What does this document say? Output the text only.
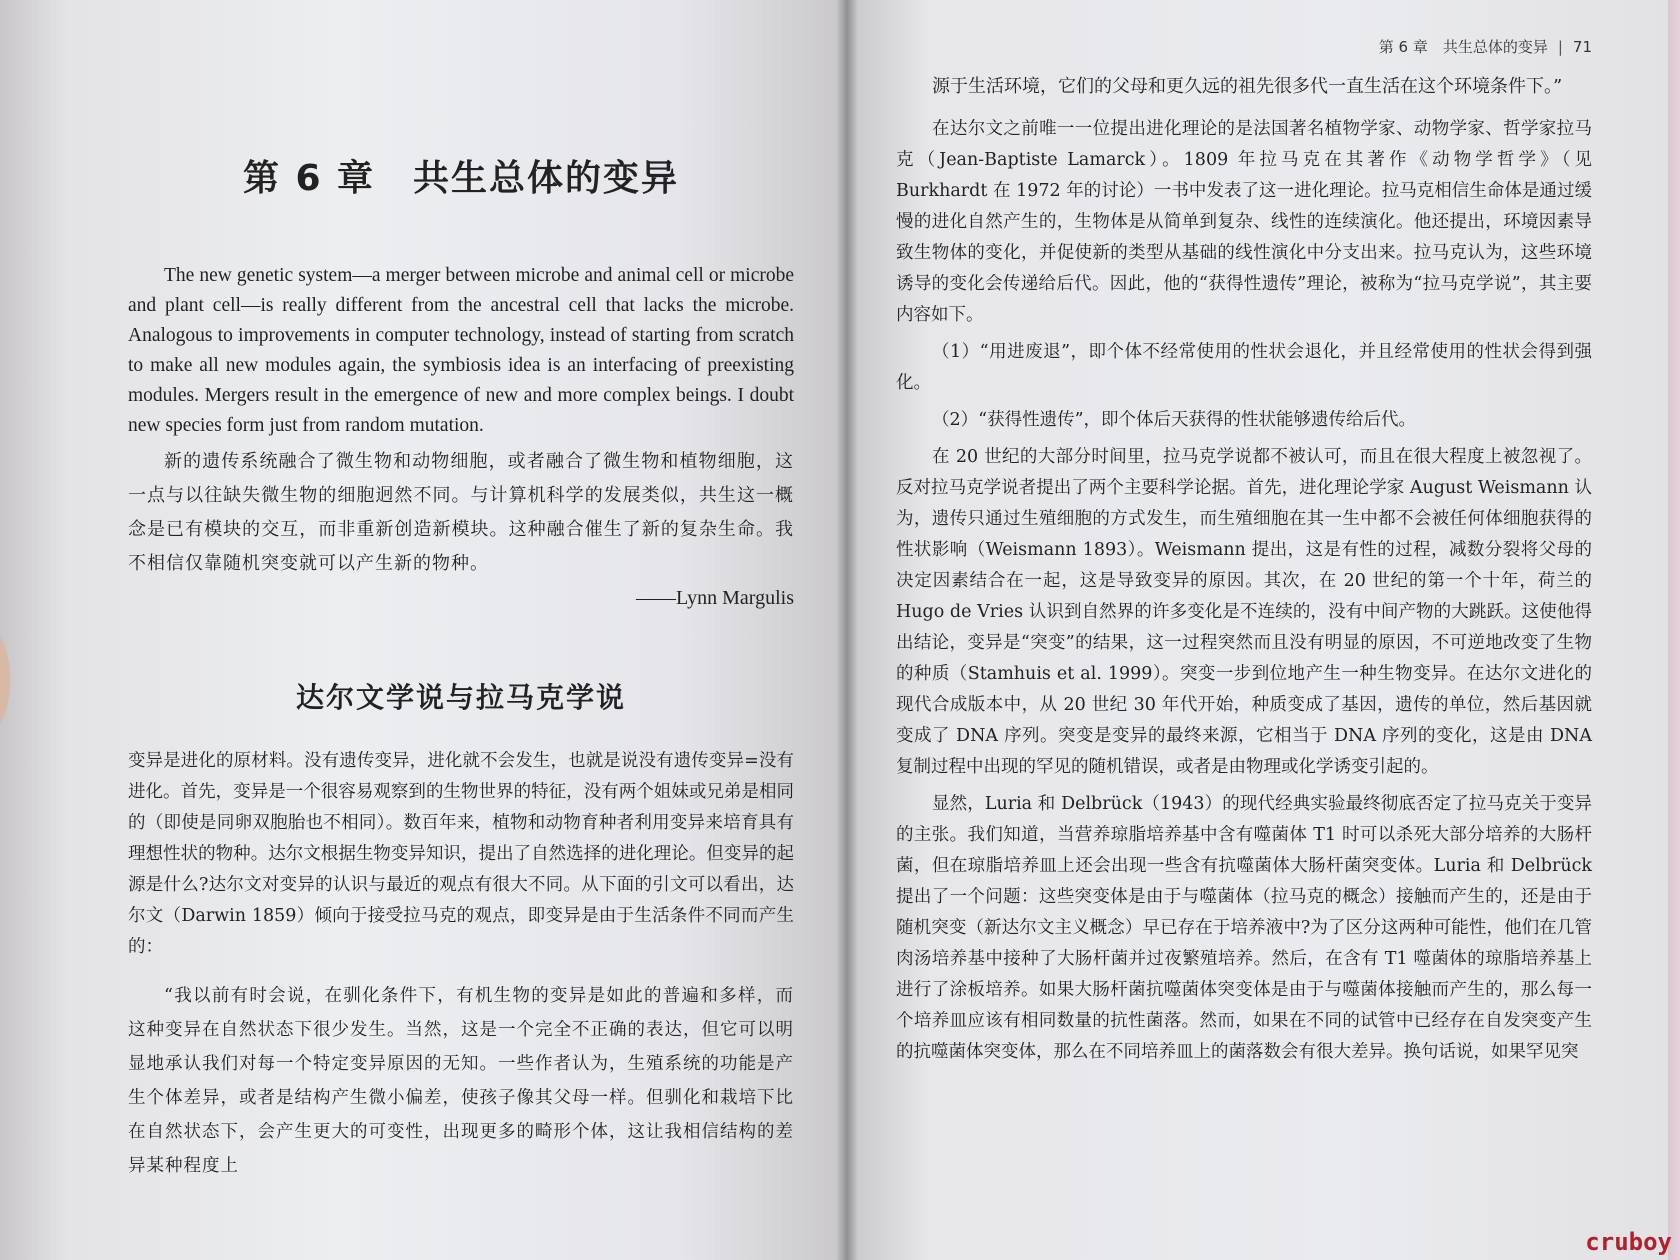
第 6 章　共生总体的变异

The new genetic system—a merger between microbe and animal cell or microbe and plant cell—is really different from the ancestral cell that lacks the microbe. Analogous to improvements in computer technology, instead of starting from scratch to make all new modules again, the symbiosis idea is an interfacing of preexisting modules. Mergers result in the emergence of new and more complex beings. I doubt new species form just from random mutation.

新的遗传系统融合了微生物和动物细胞，或者融合了微生物和植物细胞，这一点与以往缺失微生物的细胞迥然不同。与计算机科学的发展类似，共生这一概念是已有模块的交互，而非重新创造新模块。这种融合催生了新的复杂生命。我不相信仅靠随机突变就可以产生新的物种。

——Lynn Margulis

达尔文学说与拉马克学说

变异是进化的原材料。没有遗传变异，进化就不会发生，也就是说没有遗传变异=没有进化。首先，变异是一个很容易观察到的生物世界的特征，没有两个姐妹或兄弟是相同的（即使是同卵双胞胎也不相同）。数百年来，植物和动物育种者利用变异来培育具有理想性状的物种。达尔文根据生物变异知识，提出了自然选择的进化理论。但变异的起源是什么?达尔文对变异的认识与最近的观点有很大不同。从下面的引文可以看出，达尔文（Darwin 1859）倾向于接受拉马克的观点，即变异是由于生活条件不同而产生的：

“我以前有时会说，在驯化条件下，有机生物的变异是如此的普遍和多样，而这种变异在自然状态下很少发生。当然，这是一个完全不正确的表达，但它可以明显地承认我们对每一个特定变异原因的无知。一些作者认为，生殖系统的功能是产生个体差异，或者是结构产生微小偏差，使孩子像其父母一样。但驯化和栽培下比在自然状态下，会产生更大的可变性，出现更多的畸形个体，这让我相信结构的差异某种程度上

第 6 章　共生总体的变异 | 71

源于生活环境，它们的父母和更久远的祖先很多代一直生活在这个环境条件下。”

在达尔文之前唯一一位提出进化理论的是法国著名植物学家、动物学家、哲学家拉马克（Jean-Baptiste Lamarck）。1809 年拉马克在其著作《动物学哲学》（见 Burkhardt 在 1972 年的讨论）一书中发表了这一进化理论。拉马克相信生命体是通过缓慢的进化自然产生的，生物体是从简单到复杂、线性的连续演化。他还提出，环境因素导致生物体的变化，并促使新的类型从基础的线性演化中分支出来。拉马克认为，这些环境诱导的变化会传递给后代。因此，他的“获得性遗传”理论，被称为“拉马克学说”，其主要内容如下。

（1）“用进废退”，即个体不经常使用的性状会退化，并且经常使用的性状会得到强化。

（2）“获得性遗传”，即个体后天获得的性状能够遗传给后代。

在 20 世纪的大部分时间里，拉马克学说都不被认可，而且在很大程度上被忽视了。反对拉马克学说者提出了两个主要科学论据。首先，进化理论学家 August Weismann 认为，遗传只通过生殖细胞的方式发生，而生殖细胞在其一生中都不会被任何体细胞获得的性状影响（Weismann 1893）。Weismann 提出，这是有性的过程，减数分裂将父母的决定因素结合在一起，这是导致变异的原因。其次，在 20 世纪的第一个十年，荷兰的 Hugo de Vries 认识到自然界的许多变化是不连续的，没有中间产物的大跳跃。这使他得出结论，变异是“突变”的结果，这一过程突然而且没有明显的原因，不可逆地改变了生物的种质（Stamhuis et al. 1999）。突变一步到位地产生一种生物变异。在达尔文进化的现代合成版本中，从 20 世纪 30 年代开始，种质变成了基因，遗传的单位，然后基因就变成了 DNA 序列。突变是变异的最终来源，它相当于 DNA 序列的变化，这是由 DNA 复制过程中出现的罕见的随机错误，或者是由物理或化学诱变引起的。

显然，Luria 和 Delbrück（1943）的现代经典实验最终彻底否定了拉马克关于变异的主张。我们知道，当营养琼脂培养基中含有噬菌体 T1 时可以杀死大部分培养的大肠杆菌，但在琼脂培养皿上还会出现一些含有抗噬菌体大肠杆菌突变体。Luria 和 Delbrück 提出了一个问题：这些突变体是由于与噬菌体（拉马克的概念）接触而产生的，还是由于随机突变（新达尔文主义概念）早已存在于培养液中?为了区分这两种可能性，他们在几管肉汤培养基中接种了大肠杆菌并过夜繁殖培养。然后，在含有 T1 噬菌体的琼脂培养基上进行了涂板培养。如果大肠杆菌抗噬菌体突变体是由于与噬菌体接触而产生的，那么每一个培养皿应该有相同数量的抗性菌落。然而，如果在不同的试管中已经存在自发突变产生的抗噬菌体突变体，那么在不同培养皿上的菌落数会有很大差异。换句话说，如果罕见突

cruboy
